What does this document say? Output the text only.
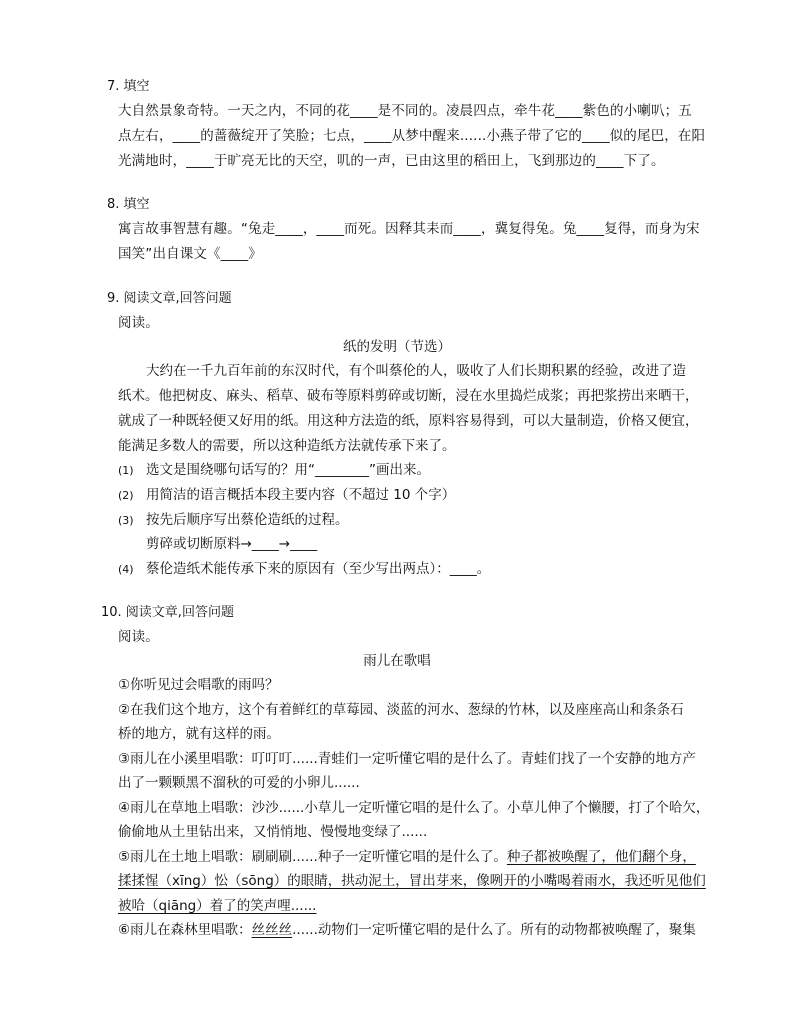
7. 填空
大自然景象奇特。一天之内，不同的花____是不同的。凌晨四点，牵牛花____紫色的小喇叭；五
点左右，____的蔷薇绽开了笑脸；七点，____从梦中醒来......小燕子带了它的____似的尾巴，在阳
光满地时，____于旷亮无比的天空，叽的一声，已由这里的稻田上，飞到那边的____下了。
8. 填空
寓言故事智慧有趣。“兔走____，____而死。因释其耒而____，冀复得兔。兔____复得，而身为宋
国笑”出自课文《____》
9. 阅读文章,回答问题
阅读。
纸的发明（节选）
大约在一千九百年前的东汉时代，有个叫蔡伦的人，吸收了人们长期积累的经验，改进了造
纸术。他把树皮、麻头、稻草、破布等原料剪碎或切断，浸在水里捣烂成浆；再把浆捞出来晒干，
就成了一种既轻便又好用的纸。用这种方法造的纸，原料容易得到，可以大量制造，价格又便宜，
能满足多数人的需要，所以这种造纸方法就传承下来了。
(1) 选文是围绕哪句话写的？用“________”画出来。
(2) 用简洁的语言概括本段主要内容（不超过 10 个字）
(3) 按先后顺序写出蔡伦造纸的过程。
剪碎或切断原料→____→____
(4) 蔡伦造纸术能传承下来的原因有（至少写出两点）：____。
10. 阅读文章,回答问题
阅读。
雨儿在歌唱
①你听见过会唱歌的雨吗？
②在我们这个地方，这个有着鲜红的草莓园、淡蓝的河水、葱绿的竹林，以及座座高山和条条石
桥的地方，就有这样的雨。
③雨儿在小溪里唱歌：叮叮叮......青蛙们一定听懂它唱的是什么了。青蛙们找了一个安静的地方产
出了一颗颗黑不溜秋的可爱的小卵儿......
④雨儿在草地上唱歌：沙沙......小草儿一定听懂它唱的是什么了。小草儿伸了个懒腰，打了个哈欠，
偷偷地从土里钻出来，又悄悄地、慢慢地变绿了......
⑤雨儿在土地上唱歌：刷刷刷......种子一定听懂它唱的是什么了。种子都被唤醒了，他们翻个身，
揉揉惺（xīng）忪（sōng）的眼睛，拱动泥土，冒出芽来，像咧开的小嘴喝着雨水，我还听见他们
被哈（qiāng）着了的笑声哩......
⑥雨儿在森林里唱歌：丝丝丝......动物们一定听懂它唱的是什么了。所有的动物都被唤醒了，聚集
